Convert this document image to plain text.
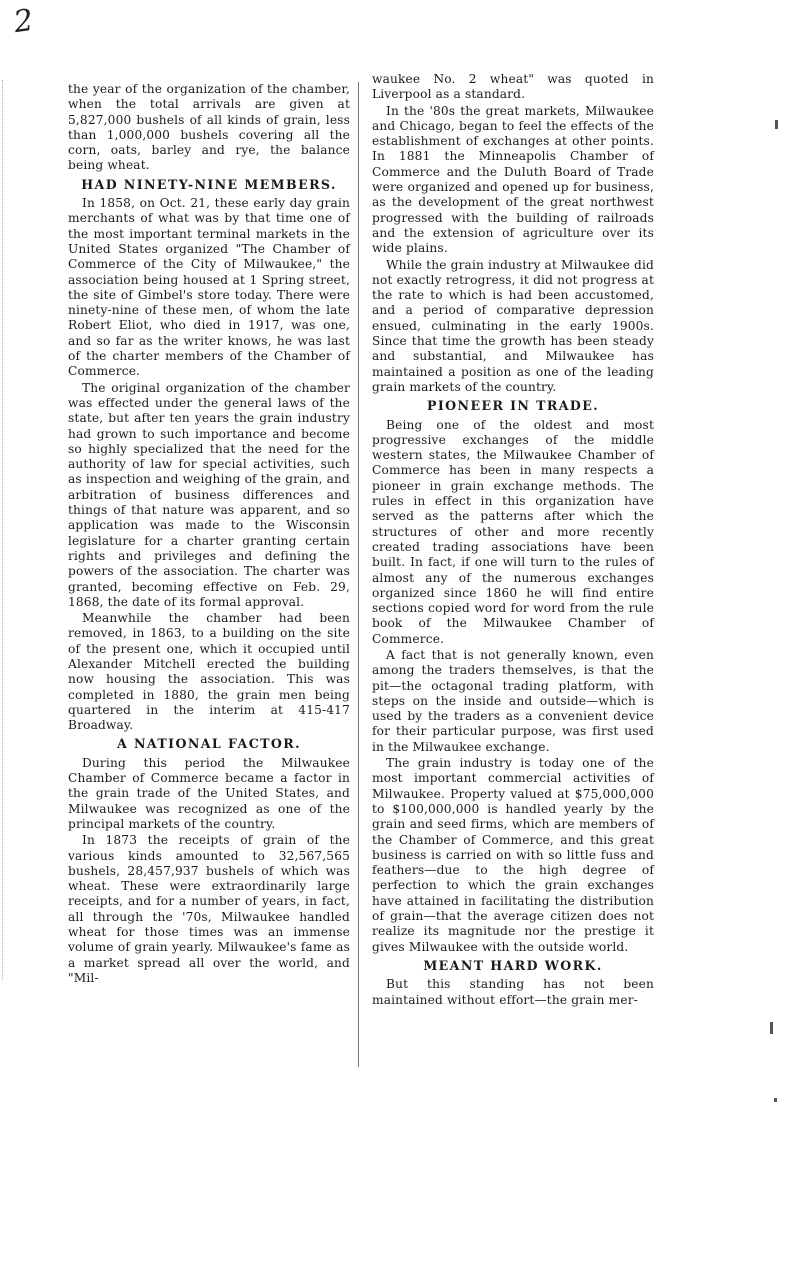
2

the year of the organization of the chamber, when the total arrivals are given at 5,827,000 bushels of all kinds of grain, less than 1,000,000 bushels covering all the corn, oats, barley and rye, the balance being wheat.

HAD NINETY-NINE MEMBERS.

In 1858, on Oct. 21, these early day grain merchants of what was by that time one of the most important terminal markets in the United States organized "The Chamber of Commerce of the City of Milwaukee," the association being housed at 1 Spring street, the site of Gimbel's store today. There were ninety-nine of these men, of whom the late Robert Eliot, who died in 1917, was one, and so far as the writer knows, he was last of the charter members of the Chamber of Commerce.

The original organization of the chamber was effected under the general laws of the state, but after ten years the grain industry had grown to such importance and become so highly specialized that the need for the authority of law for special activities, such as inspection and weighing of the grain, and arbitration of business differences and things of that nature was apparent, and so application was made to the Wisconsin legislature for a charter granting certain rights and privileges and defining the powers of the association. The charter was granted, becoming effective on Feb. 29, 1868, the date of its formal approval.

Meanwhile the chamber had been removed, in 1863, to a building on the site of the present one, which it occupied until Alexander Mitchell erected the building now housing the association. This was completed in 1880, the grain men being quartered in the interim at 415-417 Broadway.

A NATIONAL FACTOR.

During this period the Milwaukee Chamber of Commerce became a factor in the grain trade of the United States, and Milwaukee was recognized as one of the principal markets of the country.

In 1873 the receipts of grain of the various kinds amounted to 32,567,565 bushels, 28,457,937 bushels of which was wheat. These were extraordinarily large receipts, and for a number of years, in fact, all through the '70s, Milwaukee handled wheat for those times was an immense volume of grain yearly. Milwaukee's fame as a market spread all over the world, and "Mil-

waukee No. 2 wheat" was quoted in Liverpool as a standard.

In the '80s the great markets, Milwaukee and Chicago, began to feel the effects of the establishment of exchanges at other points. In 1881 the Minneapolis Chamber of Commerce and the Duluth Board of Trade were organized and opened up for business, as the development of the great northwest progressed with the building of railroads and the extension of agriculture over its wide plains.

While the grain industry at Milwaukee did not exactly retrogress, it did not progress at the rate to which is had been accustomed, and a period of comparative depression ensued, culminating in the early 1900s. Since that time the growth has been steady and substantial, and Milwaukee has maintained a position as one of the leading grain markets of the country.

PIONEER IN TRADE.

Being one of the oldest and most progressive exchanges of the middle western states, the Milwaukee Chamber of Commerce has been in many respects a pioneer in grain exchange methods. The rules in effect in this organization have served as the patterns after which the structures of other and more recently created trading associations have been built. In fact, if one will turn to the rules of almost any of the numerous exchanges organized since 1860 he will find entire sections copied word for word from the rule book of the Milwaukee Chamber of Commerce.

A fact that is not generally known, even among the traders themselves, is that the pit—the octagonal trading platform, with steps on the inside and outside—which is used by the traders as a convenient device for their particular purpose, was first used in the Milwaukee exchange.

The grain industry is today one of the most important commercial activities of Milwaukee. Property valued at $75,000,000 to $100,000,000 is handled yearly by the grain and seed firms, which are members of the Chamber of Commerce, and this great business is carried on with so little fuss and feathers—due to the high degree of perfection to which the grain exchanges have attained in facilitating the distribution of grain—that the average citizen does not realize its magnitude nor the prestige it gives Milwaukee with the outside world.

MEANT HARD WORK.

But this standing has not been maintained without effort—the grain mer-
